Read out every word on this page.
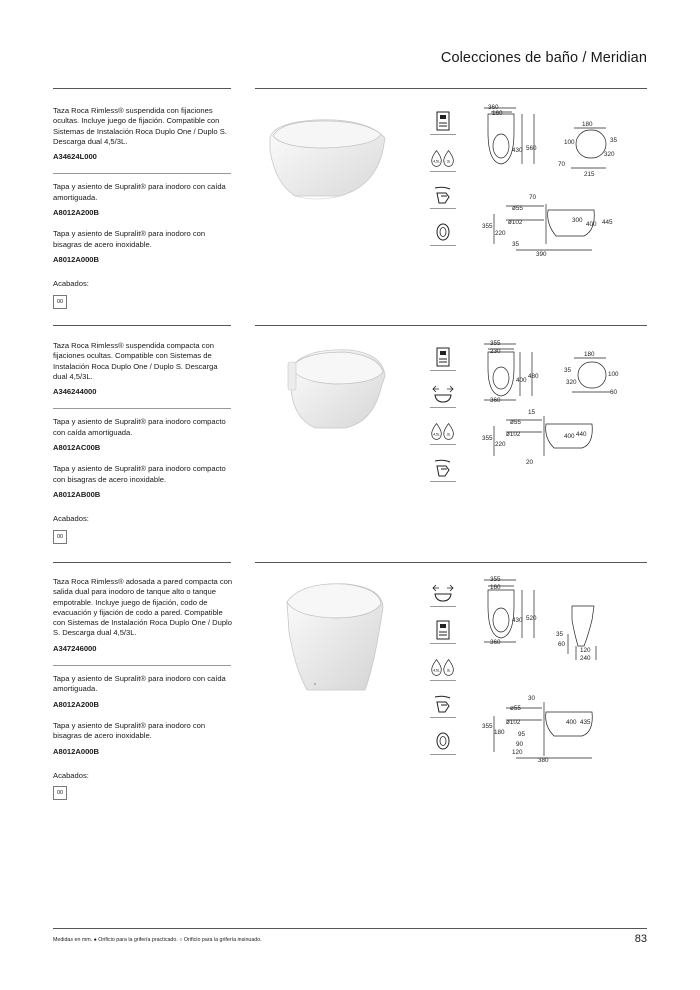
Colecciones de baño / Meridian

Taza Roca Rimless® suspendida con fijaciones ocultas. Incluye juego de fijación. Compatible con Sistemas de Instalación Roca Duplo One / Duplo S. Descarga dual 4,5/3L.

A34624L000

Tapa y asiento de Supralit® para inodoro con caída amortiguada.

A8012A200B

Tapa y asiento de Supralit® para inodoro con bisagras de acero inoxidable.

A8012A000B

Acabados:

00
4,5L 3L
360
160
430 560
180
35
100
320
70
215
70
ø55
ø102
355
220
300
400 445
35
390

Taza Roca Rimless® suspendida compacta con fijaciones ocultas. Compatible con Sistemas de Instalación Roca Duplo One / Duplo S. Descarga dual 4,5/3L.

A346244000

Tapa y asiento de Supralit® para inodoro compacto con caída amortiguada.

A8012AC00B

Tapa y asiento de Supralit® para inodoro compacto con bisagras de acero inoxidable.

A8012AB00B

Acabados:

00
4,5L 3L
355
230
400
480
360
180
35
100
320
60
15
ø55
ø102
355
220
400 440
20

Taza Roca Rimless® adosada a pared compacta con salida dual para inodoro de tanque alto o tanque empotrable. Incluye juego de fijación, codo de evacuación y fijación de codo a pared. Compatible con Sistemas de Instalación Roca Duplo One / Duplo S. Descarga dual 4,5/3L.

A347246000

Tapa y asiento de Supralit® para inodoro con caída amortiguada.

A8012A200B

Tapa y asiento de Supralit® para inodoro con bisagras de acero inoxidable.

A8012A000B

Acabados:

00
4,5L 3L
355
160
430 520
360
35
60
120
240
30
ø55
ø102
355
180 95
90
120
400 435
380
Medidas en mm. ● Orificio para la grifería practicado. ○ Orificio para la grifería insinuado.	83
